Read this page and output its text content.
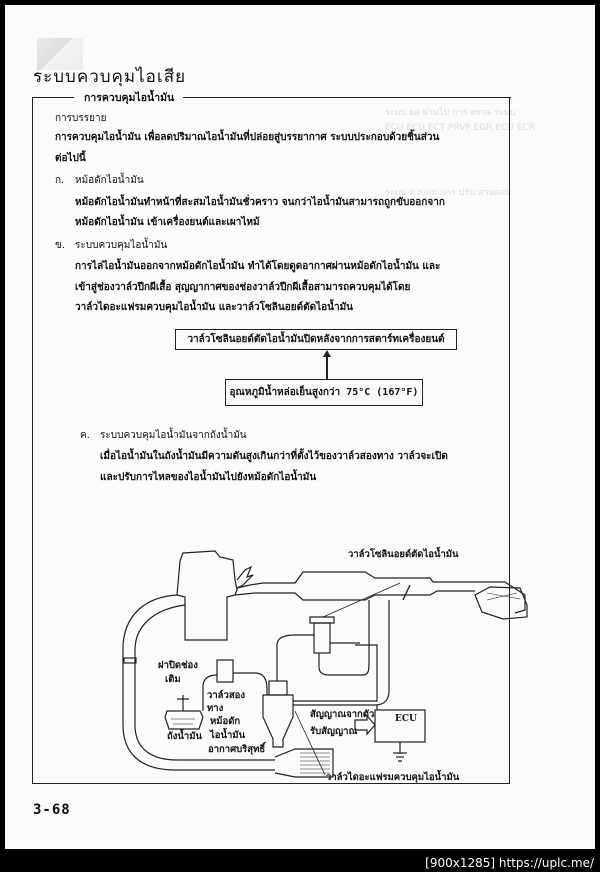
ระบบควบคุมไอเสีย
ระบบ ยส ผ่านไป การ ตรวจ ระบบ
ECU ECU ECT PRVF EGR ECU ECR
ระบบ ควบคุม การ ปรับ ส่วนผสม
การควบคุมไอน้ำมัน
การบรรยาย
การควบคุมไอน้ำมัน เพื่อลดปริมาณไอน้ำมันที่ปล่อยสู่บรรยากาศ ระบบประกอบด้วยชิ้นส่วน
ต่อไปนี้
ก. หม้อดักไอน้ำมัน
หม้อดักไอน้ำมันทำหน้าที่สะสมไอน้ำมันชั่วคราว จนกว่าไอน้ำมันสามารถถูกขับออกจาก
หม้อดักไอน้ำมัน เข้าเครื่องยนต์และเผาไหม้
ข. ระบบควบคุมไอน้ำมัน
การไล่ไอน้ำมันออกจากหม้อดักไอน้ำมัน ทำได้โดยดูดอากาศผ่านหม้อดักไอน้ำมัน และ
เข้าสู่ช่องวาล์วปีกผีเสื้อ สุญญากาศของช่องวาล์วปีกผีเสื้อสามารถควบคุมได้โดย
วาล์วไดอะแฟรมควบคุมไอน้ำมัน และวาล์วโซลินอยด์ตัดไอน้ำมัน
วาล์วโซลินอยด์ตัดไอน้ำมันปิดหลังจากการสตาร์ทเครื่องยนต์
อุณหภูมิน้ำหล่อเย็นสูงกว่า 75°C (167°F)
ค. ระบบควบคุมไอน้ำมันจากถังน้ำมัน
เมื่อไอน้ำมันในถังน้ำมันมีความดันสูงเกินกว่าที่ตั้งไว้ของวาล์วสองทาง วาล์วจะเปิด
และปรับการไหลของไอน้ำมันไปยังหม้อดักไอน้ำมัน
ECU
วาล์วโซลินอยด์ตัดไอน้ำมัน
ฝาปิดช่อง
เติม
วาล์วสอง
ทาง
หม้อดัก
ไอน้ำมัน
ถังน้ำมัน
อากาศบริสุทธิ์
สัญญาณจากตัว
รับสัญญาณ
วาล์วไดอะแฟรมควบคุมไอน้ำมัน
3-68
[900x1285] https://uplc.me/
